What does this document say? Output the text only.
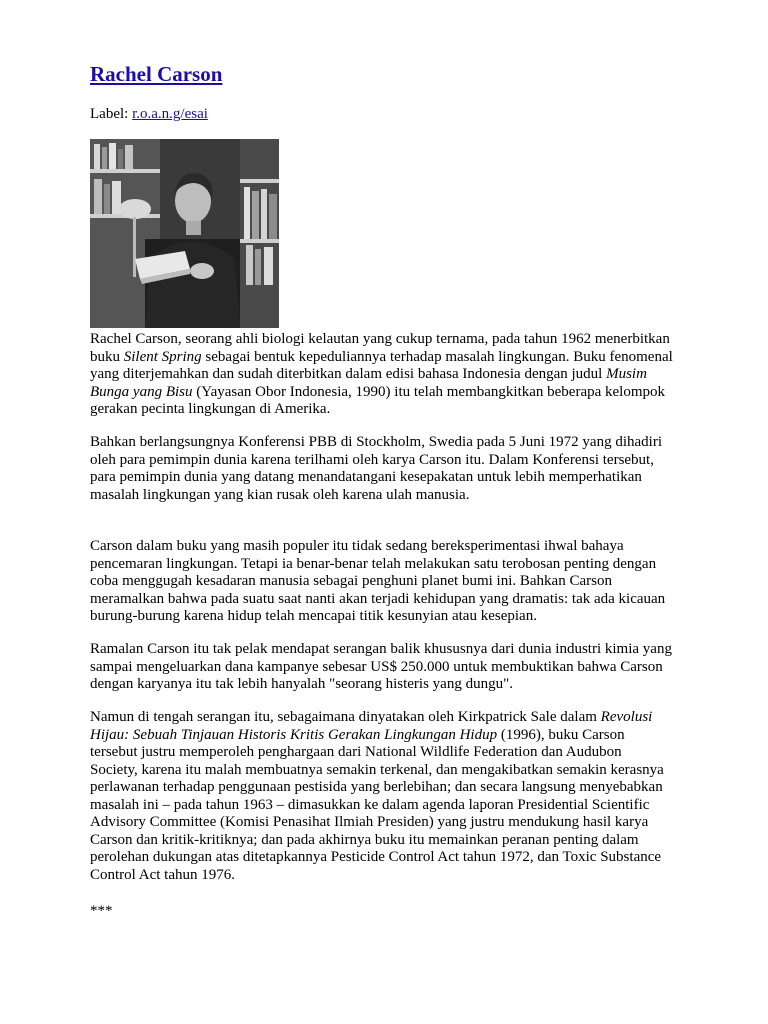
Rachel Carson
Label: r.o.a.n.g/esai
Rachel Carson, seorang ahli biologi kelautan yang cukup ternama, pada tahun 1962 menerbitkan
buku Silent Spring sebagai bentuk kepeduliannya terhadap masalah lingkungan. Buku fenomenal
yang diterjemahkan dan sudah diterbitkan dalam edisi bahasa Indonesia dengan judul Musim
Bunga yang Bisu (Yayasan Obor Indonesia, 1990) itu telah membangkitkan beberapa kelompok
gerakan pecinta lingkungan di Amerika.
Bahkan berlangsungnya Konferensi PBB di Stockholm, Swedia pada 5 Juni 1972 yang dihadiri
oleh para pemimpin dunia karena terilhami oleh karya Carson itu. Dalam Konferensi tersebut,
para pemimpin dunia yang datang menandatangani kesepakatan untuk lebih memperhatikan
masalah lingkungan yang kian rusak oleh karena ulah manusia.
Carson dalam buku yang masih populer itu tidak sedang bereksperimentasi ihwal bahaya
pencemaran lingkungan. Tetapi ia benar-benar telah melakukan satu terobosan penting dengan
coba menggugah kesadaran manusia sebagai penghuni planet bumi ini. Bahkan Carson
meramalkan bahwa pada suatu saat nanti akan terjadi kehidupan yang dramatis: tak ada kicauan
burung-burung karena hidup telah mencapai titik kesunyian atau kesepian.
Ramalan Carson itu tak pelak mendapat serangan balik khususnya dari dunia industri kimia yang
sampai mengeluarkan dana kampanye sebesar US$ 250.000 untuk membuktikan bahwa Carson
dengan karyanya itu tak lebih hanyalah "seorang histeris yang dungu".
Namun di tengah serangan itu, sebagaimana dinyatakan oleh Kirkpatrick Sale dalam Revolusi
Hijau: Sebuah Tinjauan Historis Kritis Gerakan Lingkungan Hidup (1996), buku Carson
tersebut justru memperoleh penghargaan dari National Wildlife Federation dan Audubon
Society, karena itu malah membuatnya semakin terkenal, dan mengakibatkan semakin kerasnya
perlawanan terhadap penggunaan pestisida yang berlebihan; dan secara langsung menyebabkan
masalah ini – pada tahun 1963 – dimasukkan ke dalam agenda laporan Presidential Scientific
Advisory Committee (Komisi Penasihat Ilmiah Presiden) yang justru mendukung hasil karya
Carson dan kritik-kritiknya; dan pada akhirnya buku itu memainkan peranan penting dalam
perolehan dukungan atas ditetapkannya Pesticide Control Act tahun 1972, dan Toxic Substance
Control Act tahun 1976.
***
